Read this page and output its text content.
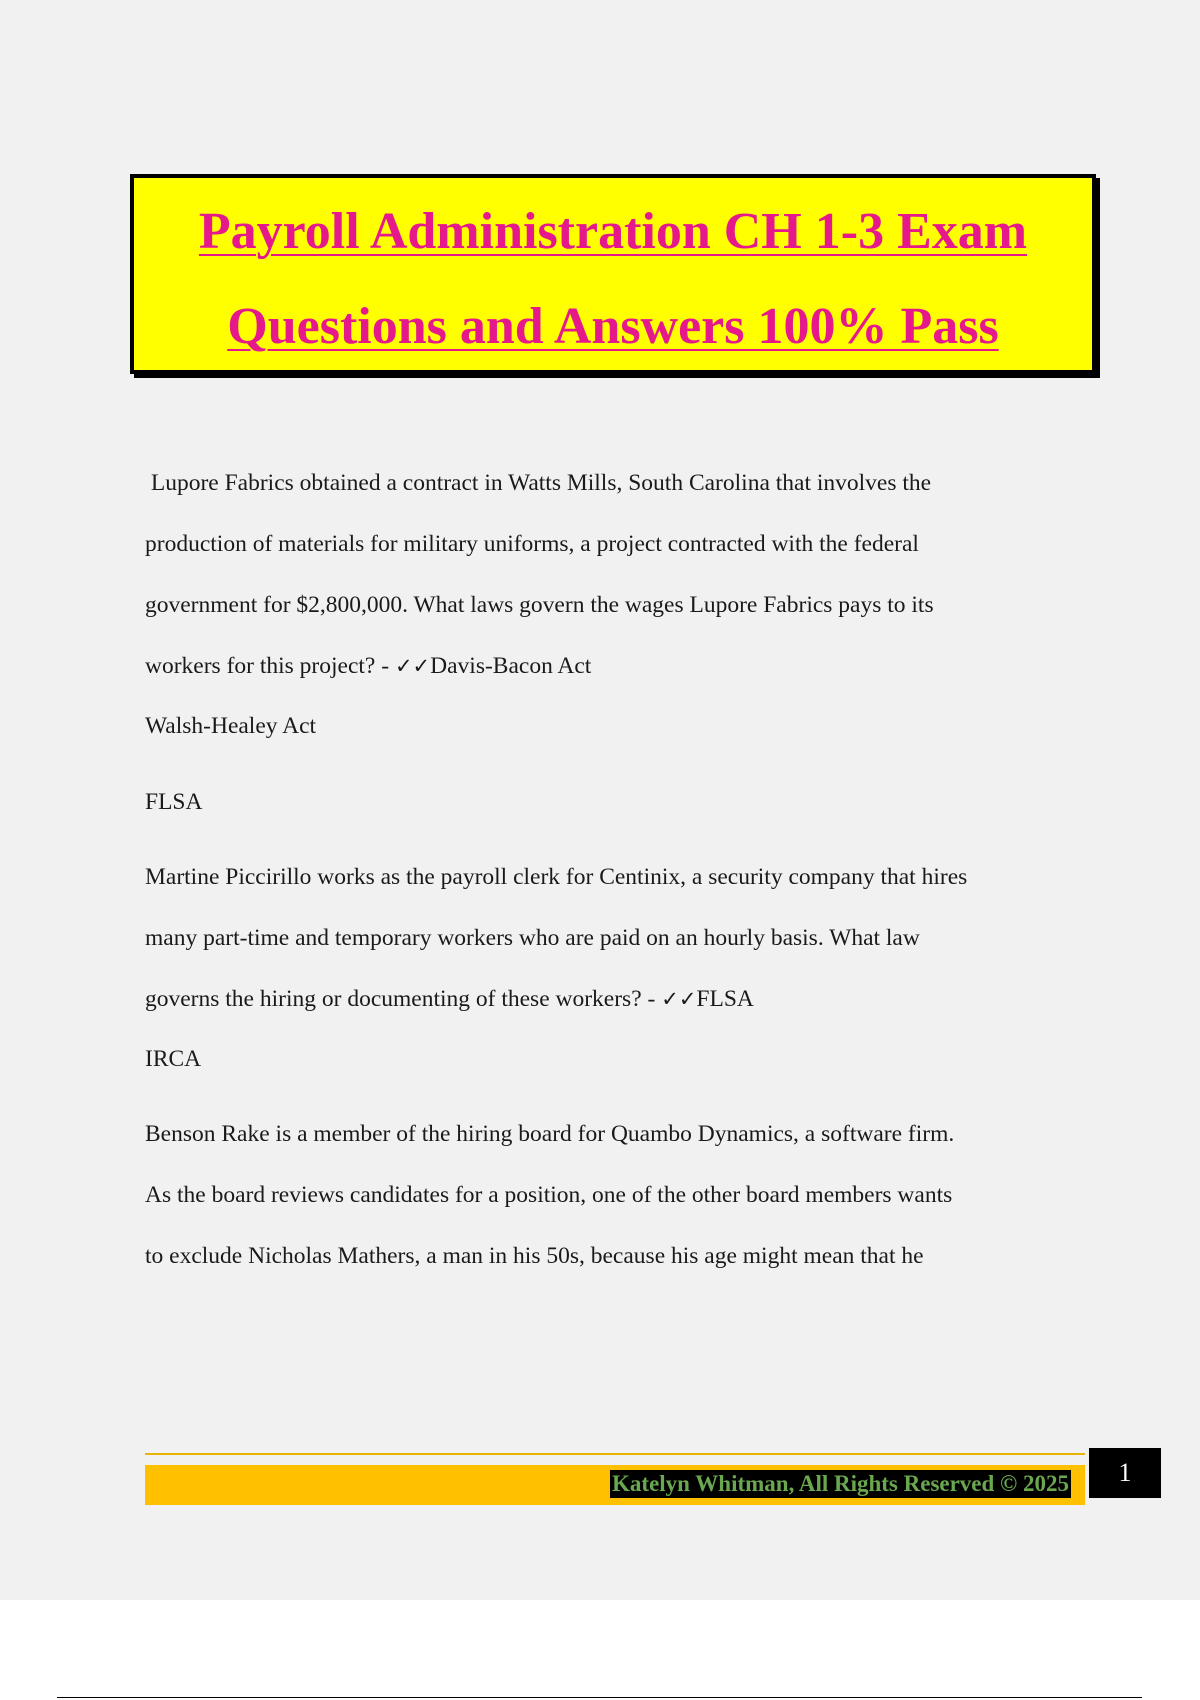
Payroll Administration CH 1-3 Exam
Questions and Answers 100% Pass

Lupore Fabrics obtained a contract in Watts Mills, South Carolina that involves the

production of materials for military uniforms, a project contracted with the federal

government for $2,800,000. What laws govern the wages Lupore Fabrics pays to its

workers for this project? - ✓✓Davis-Bacon Act

Walsh-Healey Act

FLSA

Martine Piccirillo works as the payroll clerk for Centinix, a security company that hires

many part-time and temporary workers who are paid on an hourly basis. What law

governs the hiring or documenting of these workers? - ✓✓FLSA

IRCA

Benson Rake is a member of the hiring board for Quambo Dynamics, a software firm.

As the board reviews candidates for a position, one of the other board members wants

to exclude Nicholas Mathers, a man in his 50s, because his age might mean that he

Katelyn Whitman, All Rights Reserved © 2025	1
